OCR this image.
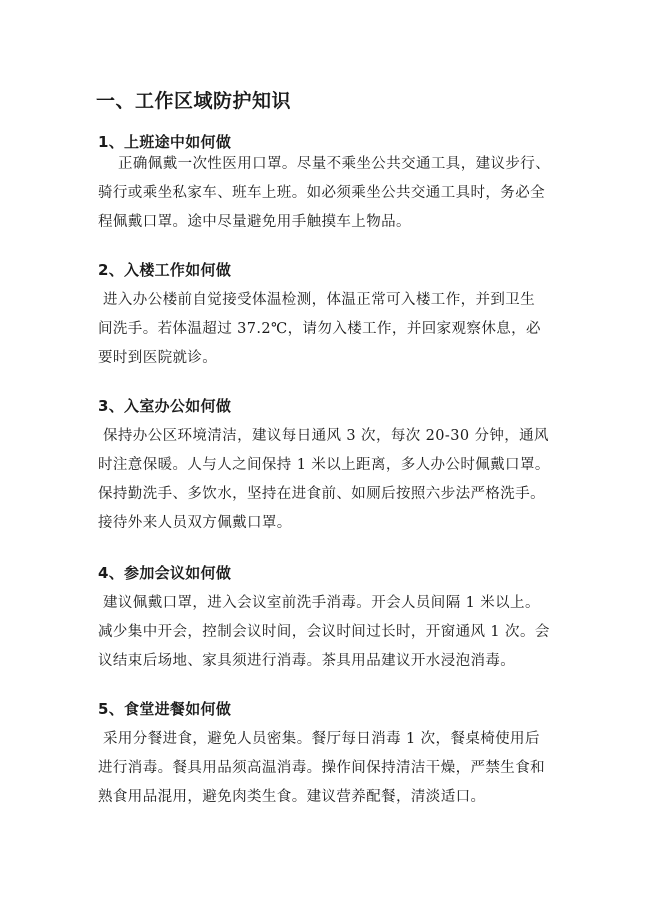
一、工作区域防护知识
1、上班途中如何做
正确佩戴一次性医用口罩。尽量不乘坐公共交通工具，建议步行、
骑行或乘坐私家车、班车上班。如必须乘坐公共交通工具时，务必全
程佩戴口罩。途中尽量避免用手触摸车上物品。
2、入楼工作如何做
进入办公楼前自觉接受体温检测，体温正常可入楼工作，并到卫生
间洗手。若体温超过 37.2℃，请勿入楼工作，并回家观察休息，必
要时到医院就诊。
3、入室办公如何做
保持办公区环境清洁，建议每日通风 3 次，每次 20-30 分钟，通风
时注意保暖。人与人之间保持 1 米以上距离，多人办公时佩戴口罩。
保持勤洗手、多饮水，坚持在进食前、如厕后按照六步法严格洗手。
接待外来人员双方佩戴口罩。
4、参加会议如何做
建议佩戴口罩，进入会议室前洗手消毒。开会人员间隔 1 米以上。
减少集中开会，控制会议时间，会议时间过长时，开窗通风 1 次。会
议结束后场地、家具须进行消毒。茶具用品建议开水浸泡消毒。
5、食堂进餐如何做
采用分餐进食，避免人员密集。餐厅每日消毒 1 次，餐桌椅使用后
进行消毒。餐具用品须高温消毒。操作间保持清洁干燥，严禁生食和
熟食用品混用，避免肉类生食。建议营养配餐，清淡适口。
